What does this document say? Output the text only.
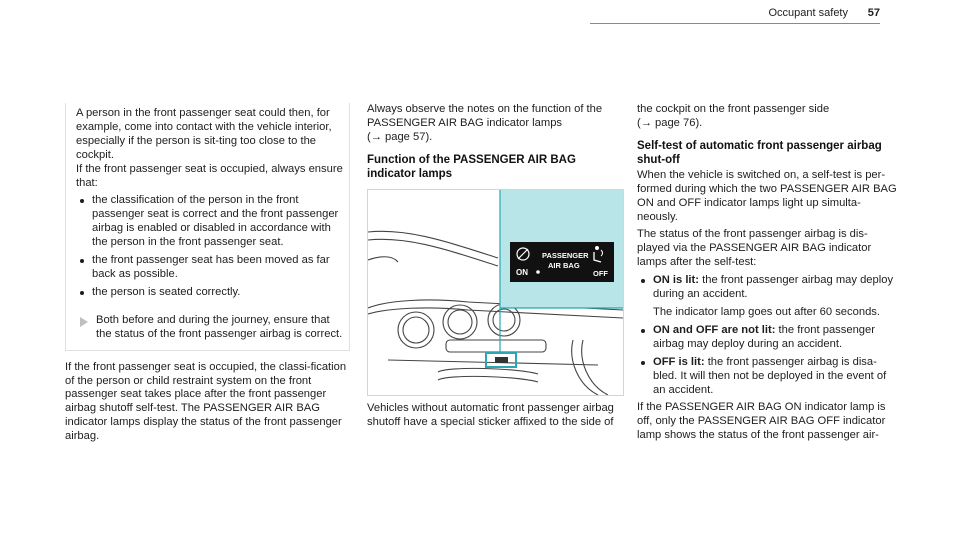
Occupant safety 57

A person in the front passenger seat could then, for example, come into contact with the vehicle interior, especially if the person is sit-ting too close to the cockpit.

If the front passenger seat is occupied, always ensure that:

the classification of the person in the front passenger seat is correct and the front passenger airbag is enabled or disabled in accordance with the person in the front passenger seat.
the front passenger seat has been moved as far back as possible.
the person is seated correctly.
Both before and during the journey, ensure that the status of the front passenger airbag is correct.

If the front passenger seat is occupied, the classi-fication of the person or child restraint system on the front passenger seat takes place after the front passenger airbag shutoff self-test. The PASSENGER AIR BAG indicator lamps display the status of the front passenger airbag.

Always observe the notes on the function of the PASSENGER AIR BAG indicator lamps
(→ page 57).

Function of the PASSENGER AIR BAG indicator lamps
ON
PASSENGER
AIR BAG
OFF

Vehicles without automatic front passenger airbag shutoff have a special sticker affixed to the side of

the cockpit on the front passenger side
(→ page 76).

Self-test of automatic front passenger airbag shut-off

When the vehicle is switched on, a self-test is per-formed during which the two PASSENGER AIR BAG ON and OFF indicator lamps light up simulta-neously.

The status of the front passenger airbag is dis-played via the PASSENGER AIR BAG indicator lamps after the self-test:

ON is lit: the front passenger airbag may deploy during an accident.
The indicator lamp goes out after 60 seconds.
ON and OFF are not lit: the front passenger airbag may deploy during an accident.
OFF is lit: the front passenger airbag is disa-bled. It will then not be deployed in the event of an accident.

If the PASSENGER AIR BAG ON indicator lamp is off, only the PASSENGER AIR BAG OFF indicator lamp shows the status of the front passenger air-
